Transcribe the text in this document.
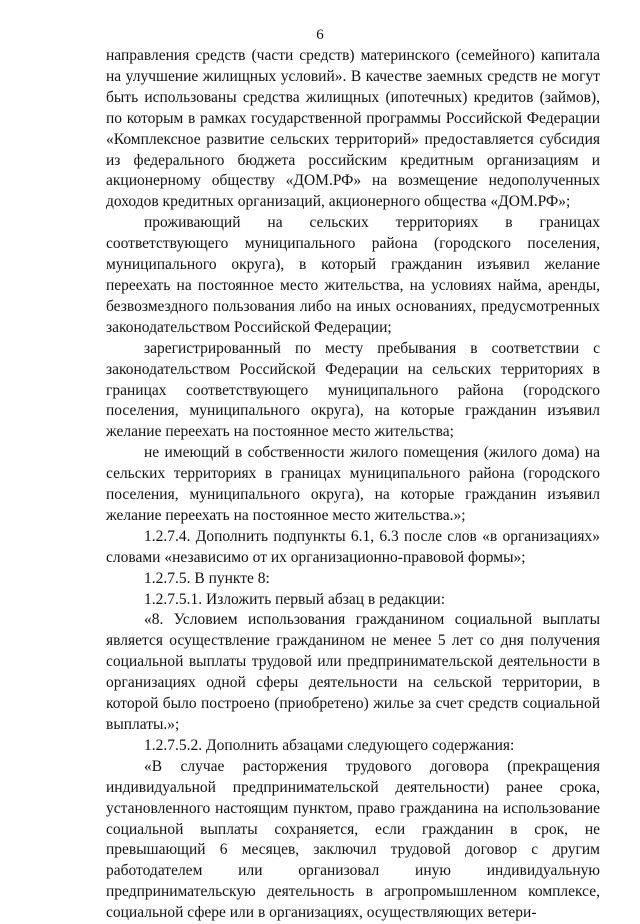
6

направления средств (части средств) материнского (семейного) капитала на улучшение жилищных условий». В качестве заемных средств не могут быть использованы средства жилищных (ипотечных) кредитов (займов), по которым в рамках государственной программы Российской Федерации «Комплексное развитие сельских территорий» предоставляется субсидия из федерального бюджета российским кредитным организациям и акционерному обществу «ДОМ.РФ» на возмещение недополученных доходов кредитных организаций, акционерного общества «ДОМ.РФ»;

проживающий на сельских территориях в границах соответствующего муниципального района (городского поселения, муниципального округа), в который гражданин изъявил желание переехать на постоянное место жительства, на условиях найма, аренды, безвозмездного пользования либо на иных основаниях, предусмотренных законодательством Российской Федерации;

зарегистрированный по месту пребывания в соответствии с законодательством Российской Федерации на сельских территориях в границах соответствующего муниципального района (городского поселения, муниципального округа), на которые гражданин изъявил желание переехать на постоянное место жительства;

не имеющий в собственности жилого помещения (жилого дома) на сельских территориях в границах муниципального района (городского поселения, муниципального округа), на которые гражданин изъявил желание переехать на постоянное место жительства.»;

1.2.7.4. Дополнить подпункты 6.1, 6.3 после слов «в организациях» словами «независимо от их организационно-правовой формы»;

1.2.7.5. В пункте 8:

1.2.7.5.1. Изложить первый абзац в редакции:

«8. Условием использования гражданином социальной выплаты является осуществление гражданином не менее 5 лет со дня получения социальной выплаты трудовой или предпринимательской деятельности в организациях одной сферы деятельности на сельской территории, в которой было построено (приобретено) жилье за счет средств социальной выплаты.»;

1.2.7.5.2. Дополнить абзацами следующего содержания:

«В случае расторжения трудового договора (прекращения индивидуальной предпринимательской деятельности) ранее срока, установленного настоящим пунктом, право гражданина на использование социальной выплаты сохраняется, если гражданин в срок, не превышающий 6 месяцев, заключил трудовой договор с другим работодателем или организовал иную индивидуальную предпринимательскую деятельность в агропромышленном комплексе, социальной сфере или в организациях, осуществляющих ветери-
